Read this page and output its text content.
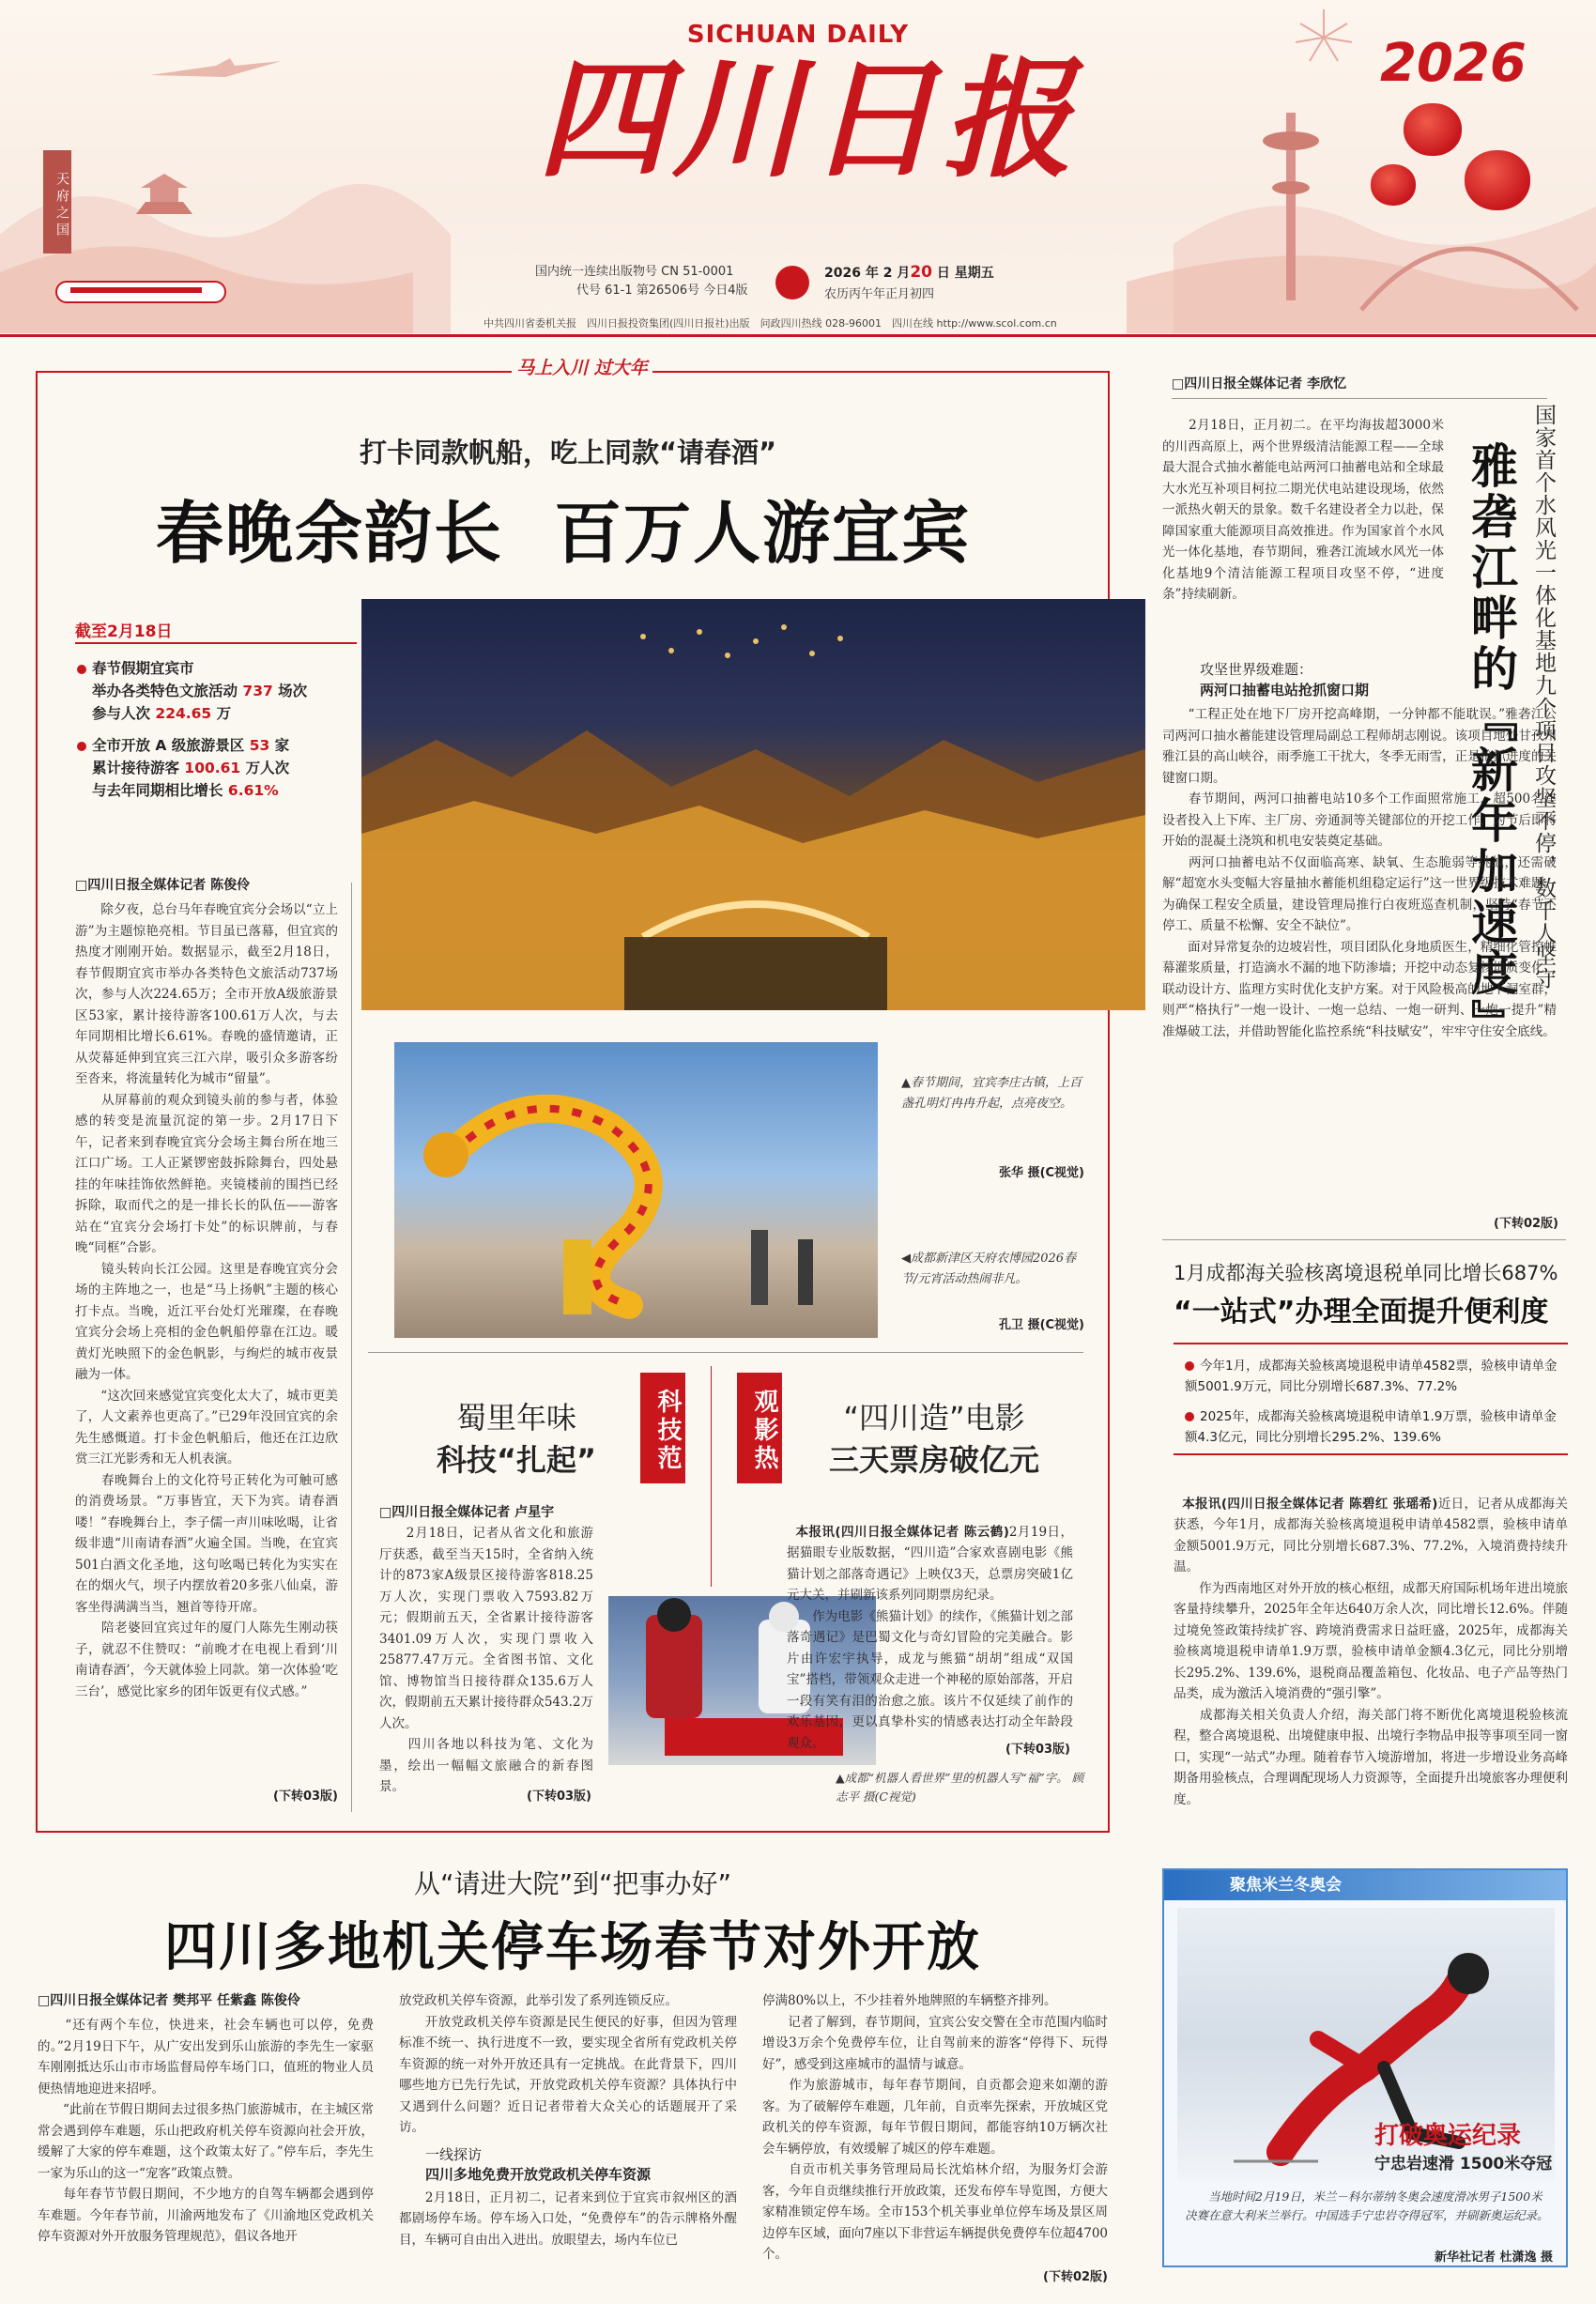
SICHUAN DAILY
四川日报	2026
天府之国
国内统一连续出版物号 CN 51-0001
代号 61-1 第26506号 今日4版
2026 年 2 月20 日 星期五
农历丙午年正月初四
中共四川省委机关报　四川日报投资集团(四川日报社)出版　问政四川热线 028-96001　四川在线 http://www.scol.com.cn
马上入川 过大年
打卡同款帆船，吃上同款“请春酒”
春晚余韵长  百万人游宜宾
截至2月18日
春节假期宜宾市
举办各类特色文旅活动 737 场次
参与人次 224.65 万
全市开放 A 级旅游景区 53 家
累计接待游客 100.61 万人次
与去年同期相比增长 6.61%
▲春节期间，宜宾李庄古镇，上百盏孔明灯冉冉升起，点亮夜空。
张华 摄(C视觉)
◀成都新津区天府农博园2026春节/元宵活动热闹非凡。
孔卫 摄(C视觉)
□四川日报全媒体记者 陈俊伶
　　除夕夜，总台马年春晚宜宾分会场以“立上游”为主题惊艳亮相。节目虽已落幕，但宜宾的热度才刚刚开始。数据显示，截至2月18日，春节假期宜宾市举办各类特色文旅活动737场次，参与人次224.65万；全市开放A级旅游景区53家，累计接待游客100.61万人次，与去年同期相比增长6.61%。春晚的盛情邀请，正从荧幕延伸到宜宾三江六岸，吸引众多游客纷至沓来，将流量转化为城市“留量”。
　　从屏幕前的观众到镜头前的参与者，体验感的转变是流量沉淀的第一步。2月17日下午，记者来到春晚宜宾分会场主舞台所在地三江口广场。工人正紧锣密鼓拆除舞台，四处悬挂的年味挂饰依然鲜艳。夹镜楼前的围挡已经拆除，取而代之的是一排长长的队伍——游客站在“宜宾分会场打卡处”的标识牌前，与春晚“同框”合影。
　　镜头转向长江公园。这里是春晚宜宾分会场的主阵地之一，也是“马上扬帆”主题的核心打卡点。当晚，近江平台处灯光璀璨，在春晚宜宾分会场上亮相的金色帆船停靠在江边。暖黄灯光映照下的金色帆影，与绚烂的城市夜景融为一体。
　　“这次回来感觉宜宾变化太大了，城市更美了，人文素养也更高了。”已29年没回宜宾的余先生感慨道。打卡金色帆船后，他还在江边欣赏三江光影秀和无人机表演。
　　春晚舞台上的文化符号正转化为可触可感的消费场景。“万事皆宜，天下为宾。请春酒喽！”春晚舞台上，李子儒一声川味吆喝，让省级非遗“川南请春酒”火遍全国。当晚，在宜宾501白酒文化圣地，这句吆喝已转化为实实在在的烟火气，坝子内摆放着20多张八仙桌，游客坐得满满当当，翘首等待开席。
　　陪老婆回宜宾过年的厦门人陈先生刚动筷子，就忍不住赞叹：“前晚才在电视上看到‘川南请春酒’，今天就体验上同款。第一次体验‘吃三台’，感觉比家乡的团年饭更有仪式感。”
(下转03版)
蜀里年味
科技“扎起”	科技范
□四川日报全媒体记者 卢星宇
　　2月18日，记者从省文化和旅游厅获悉，截至当天15时，全省纳入统计的873家A级景区接待游客818.25万人次，实现门票收入7593.82万元；假期前五天，全省累计接待游客3401.09万人次，实现门票收入25877.47万元。全省图书馆、文化馆、博物馆当日接待群众135.6万人次，假期前五天累计接待群众543.2万人次。
　　四川各地以科技为笔、文化为墨，绘出一幅幅文旅融合的新春图景。
(下转03版)
▲成都“机器人看世界”里的机器人写“福”字。 顾志平 摄(C视觉)
观影热	“四川造”电影
三天票房破亿元

本报讯(四川日报全媒体记者 陈云鹤)2月19日，据猫眼专业版数据，“四川造”合家欢喜剧电影《熊猫计划之部落奇遇记》上映仅3天，总票房突破1亿元大关，并刷新该系列同期票房纪录。
　　作为电影《熊猫计划》的续作，《熊猫计划之部落奇遇记》是巴蜀文化与奇幻冒险的完美融合。影片由许宏宇执导，成龙与熊猫“胡胡”组成“双国宝”搭档，带领观众走进一个神秘的原始部落，开启一段有笑有泪的治愈之旅。该片不仅延续了前作的欢乐基因，更以真挚朴实的情感表达打动全年龄段观众。	(下转03版)
□四川日报全媒体记者 李欣忆
　　2月18日，正月初二。在平均海拔超3000米的川西高原上，两个世界级清洁能源工程——全球最大混合式抽水蓄能电站两河口抽蓄电站和全球最大水光互补项目柯拉二期光伏电站建设现场，依然一派热火朝天的景象。数千名建设者全力以赴，保障国家重大能源项目高效推进。作为国家首个水风光一体化基地，春节期间，雅砻江流域水风光一体化基地9个清洁能源工程项目攻坚不停，“进度条”持续刷新。	国家首个水风光一体化基地九个项目攻坚不停，数千人坚守
雅砻江畔的『新年加速度』
攻坚世界级难题：
两河口抽蓄电站抢抓窗口期
　　“工程正处在地下厂房开挖高峰期，一分钟都不能耽误。”雅砻江公司两河口抽水蓄能建设管理局副总工程师胡志刚说。该项目地处甘孜州雅江县的高山峡谷，雨季施工干扰大，冬季无雨雪，正是抢抓进度的关键窗口期。
　　春节期间，两河口抽蓄电站10多个工作面照常施工，超500名建设者投入上下库、主厂房、旁通洞等关键部位的开挖工作，为节后即将开始的混凝土浇筑和机电安装奠定基础。
　　两河口抽蓄电站不仅面临高寒、缺氧、生态脆弱等挑战，还需破解“超宽水头变幅大容量抽水蓄能机组稳定运行”这一世界级技术难题。为确保工程安全质量，建设管理局推行白夜班巡查机制，坚持“春节不停工、质量不松懈、安全不缺位”。
　　面对异常复杂的边坡岩性，项目团队化身地质医生，精细化管控帷幕灌浆质量，打造滴水不漏的地下防渗墙；开挖中动态复核地质变化，联动设计方、监理方实时优化支护方案。对于风险极高的地下洞室群，则严“格执行”一炮一设计、一炮一总结、一炮一研判、一炮一提升”精准爆破工法，并借助智能化监控系统“科技赋安”，牢牢守住安全底线。
(下转02版)
1月成都海关验核离境退税单同比增长687%
“一站式”办理全面提升便利度
今年1月，成都海关验核离境退税申请单4582票，验核申请单金额5001.9万元，同比分别增长687.3%、77.2%
2025年，成都海关验核离境退税申请单1.9万票，验核申请单金额4.3亿元，同比分别增长295.2%、139.6%

本报讯(四川日报全媒体记者 陈碧红 张瑶希)近日，记者从成都海关获悉，今年1月，成都海关验核离境退税申请单4582票，验核申请单金额5001.9万元，同比分别增长687.3%、77.2%，入境消费持续升温。
　　作为西南地区对外开放的核心枢纽，成都天府国际机场年进出境旅客量持续攀升，2025年全年达640万余人次，同比增长12.6%。伴随过境免签政策持续扩容、跨境消费需求日益旺盛，2025年，成都海关验核离境退税申请单1.9万票，验核申请单金额4.3亿元，同比分别增长295.2%、139.6%，退税商品覆盖箱包、化妆品、电子产品等热门品类，成为激活入境消费的“强引擎”。
　　成都海关相关负责人介绍，海关部门将不断优化离境退税验核流程，整合离境退税、出境健康申报、出境行李物品申报等事项至同一窗口，实现“一站式”办理。随着春节入境游增加，将进一步增设业务高峰期备用验核点，合理调配现场人力资源等，全面提升出境旅客办理便利度。

聚焦米兰冬奥会
打破奥运纪录
宁忠岩速滑 1500米夺冠
　　当地时间2月19日，米兰－科尔蒂纳冬奥会速度滑冰男子1500米决赛在意大利米兰举行。中国选手宁忠岩夺得冠军，并刷新奥运纪录。
新华社记者 杜潇逸 摄
从“请进大院”到“把事办好”
四川多地机关停车场春节对外开放
□四川日报全媒体记者 樊邦平 任紫鑫 陈俊伶
　　“还有两个车位，快进来，社会车辆也可以停，免费的。”2月19日下午，从广安出发到乐山旅游的李先生一家驱车刚刚抵达乐山市市场监督局停车场门口，值班的物业人员便热情地迎进来招呼。
　　“此前在节假日期间去过很多热门旅游城市，在主城区常常会遇到停车难题，乐山把政府机关停车资源向社会开放，缓解了大家的停车难题，这个政策太好了。”停车后，李先生一家为乐山的这一“宠客”政策点赞。
　　每年春节节假日期间，不少地方的自驾车辆都会遇到停车难题。今年春节前，川渝两地发布了《川渝地区党政机关停车资源对外开放服务管理规范》，倡议各地开
放党政机关停车资源，此举引发了系列连锁反应。
　　开放党政机关停车资源是民生便民的好事，但因为管理标准不统一、执行进度不一致，要实现全省所有党政机关停车资源的统一对外开放还具有一定挑战。在此背景下，四川哪些地方已先行先试，开放党政机关停车资源？具体执行中又遇到什么问题？近日记者带着大众关心的话题展开了采访。
一线探访
四川多地免费开放党政机关停车资源
　　2月18日，正月初二，记者来到位于宜宾市叙州区的酒都剧场停车场。停车场入口处，“免费停车”的告示牌格外醒目，车辆可自由出入进出。放眼望去，场内车位已
停满80%以上，不少挂着外地牌照的车辆整齐排列。
　　记者了解到，春节期间，宜宾公安交警在全市范围内临时增设3万余个免费停车位，让自驾前来的游客“停得下、玩得好”，感受到这座城市的温情与诚意。
　　作为旅游城市，每年春节期间，自贡都会迎来如潮的游客。为了破解停车难题，几年前，自贡率先探索，开放城区党政机关的停车资源，每年节假日期间，都能容纳10万辆次社会车辆停放，有效缓解了城区的停车难题。
　　自贡市机关事务管理局局长沈焰林介绍，为服务灯会游客，今年自贡继续推行开放政策，还发布停车导览图，方便大家精准锁定停车场。全市153个机关事业单位停车场及景区周边停车区域，面向7座以下非营运车辆提供免费停车位超4700个。
(下转02版)
